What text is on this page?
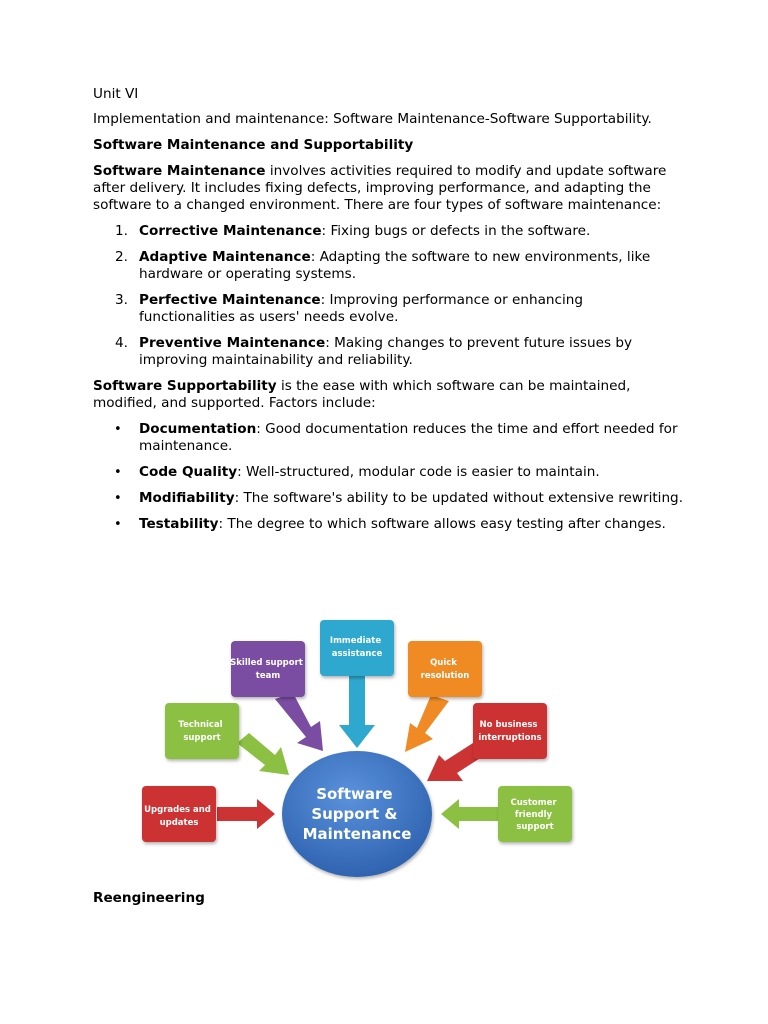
Unit VI

Implementation and maintenance: Software Maintenance-Software Supportability.

Software Maintenance and Supportability

Software Maintenance involves activities required to modify and update software after delivery. It includes fixing defects, improving performance, and adapting the software to a changed environment. There are four types of software maintenance:

1. Corrective Maintenance: Fixing bugs or defects in the software.
2. Adaptive Maintenance: Adapting the software to new environments, like hardware or operating systems.
3. Perfective Maintenance: Improving performance or enhancing functionalities as users' needs evolve.
4. Preventive Maintenance: Making changes to prevent future issues by improving maintainability and reliability.

Software Supportability is the ease with which software can be maintained, modified, and supported. Factors include:

• Documentation: Good documentation reduces the time and effort needed for maintenance.
• Code Quality: Well-structured, modular code is easier to maintain.
• Modifiability: The software's ability to be updated without extensive rewriting.
• Testability: The degree to which software allows easy testing after changes.
Immediate assistance
Skilled support team
Quick resolution
Technical support
No business interruptions
Upgrades and updates
Customer friendly support
Software Support & Maintenance

Reengineering
